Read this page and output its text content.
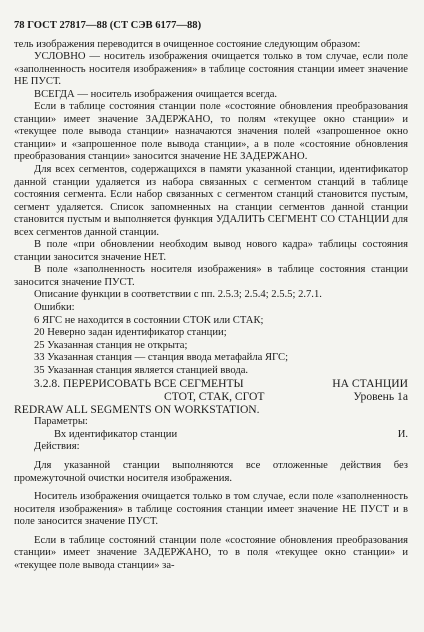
78 ГОСТ 27817—88 (СТ СЭВ 6177—88)

тель изображения переводится в очищенное состояние следующим образом:

УСЛОВНО — носитель изображения очищается только в том случае, если поле «заполненность носителя изображения» в таблице состояния станции имеет значение НЕ ПУСТ.

ВСЕГДА — носитель изображения очищается всегда.

Если в таблице состояния станции поле «состояние обновления преобразования станции» имеет значение ЗАДЕРЖАНО, то полям «текущее окно станции» и «текущее поле вывода станции» назначаются значения полей «запрошенное окно станции» и «запрошенное поле вывода станции», а в поле «состояние обновления преобразования станции» заносится значение НЕ ЗАДЕРЖАНО.

Для всех сегментов, содержащихся в памяти указанной станции, идентификатор данной станции удаляется из набора связанных с сегментом станций в таблице состояния сегмента. Если набор связанных с сегментом станций становится пустым, сегмент удаляется. Список запомненных на станции сегментов данной станции становится пустым и выполняется функция УДАЛИТЬ СЕГМЕНТ СО СТАНЦИИ для всех сегментов данной станции.

В поле «при обновлении необходим вывод нового кадра» таблицы состояния станции заносится значение НЕТ.

В поле «заполненность носителя изображения» в таблице состояния станции заносится значение ПУСТ.

Описание функции в соответствии с пп. 2.5.3; 2.5.4; 2.5.5; 2.7.1.

Ошибки:

6 ЯГС не находится в состоянии СТОК или СТАК;

20 Неверно задан идентификатор станции;

25 Указанная станция не открыта;

33 Указанная станция — станция ввода метафайла ЯГС;

35 Указанная станция является станцией ввода.

3.2.8. ПЕРЕРИСОВАТЬ ВСЕ СЕГМЕНТЫ	НА СТАНЦИИ
СТОТ, СТАК, СГОТ	Уровень 1а

REDRAW ALL SEGMENTS ON WORKSTATION.

Параметры:

Вх идентификатор станции	И.

Действия:

Для указанной станции выполняются все отложенные действия без промежуточной очистки носителя изображения.

Носитель изображения очищается только в том случае, если поле «заполненность носителя изображения» в таблице состояния станции имеет значение НЕ ПУСТ и в поле заносится значение ПУСТ.

Если в таблице состояний станции поле «состояние обновления преобразования станции» имеет значение ЗАДЕРЖАНО, то в поля «текущее окно станции» и «текущее поле вывода станции» за-
